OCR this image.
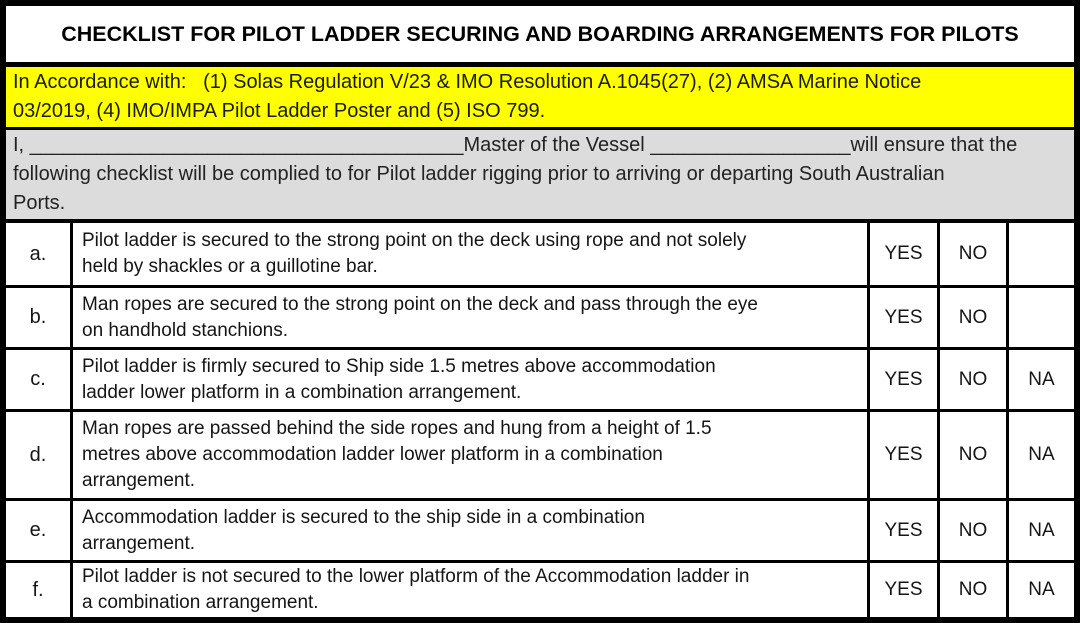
CHECKLIST FOR PILOT LADDER SECURING AND BOARDING ARRANGEMENTS FOR PILOTS
In Accordance with:   (1) Solas Regulation V/23 & IMO Resolution A.1045(27), (2) AMSA Marine Notice
03/2019, (4) IMO/IMPA Pilot Ladder Poster and (5) ISO 799.
I, _______________________________________Master of the Vessel __________________will ensure that the
following checklist will be complied to for Pilot ladder rigging prior to arriving or departing South Australian
Ports.
a.
Pilot ladder is secured to the strong point on the deck using rope and not solely
held by shackles or a guillotine bar.
YES	NO
b.
Man ropes are secured to the strong point on the deck and pass through the eye
on handhold stanchions.
YES	NO
c.
Pilot ladder is firmly secured to Ship side 1.5 metres above accommodation
ladder lower platform in a combination arrangement.
YES	NO	NA
d.
Man ropes are passed behind the side ropes and hung from a height of 1.5
metres above accommodation ladder lower platform in a combination
arrangement.
YES	NO	NA
e.
Accommodation ladder is secured to the ship side in a combination
arrangement.
YES	NO	NA
f.
Pilot ladder is not secured to the lower platform of the Accommodation ladder in
a combination arrangement.
YES	NO	NA
